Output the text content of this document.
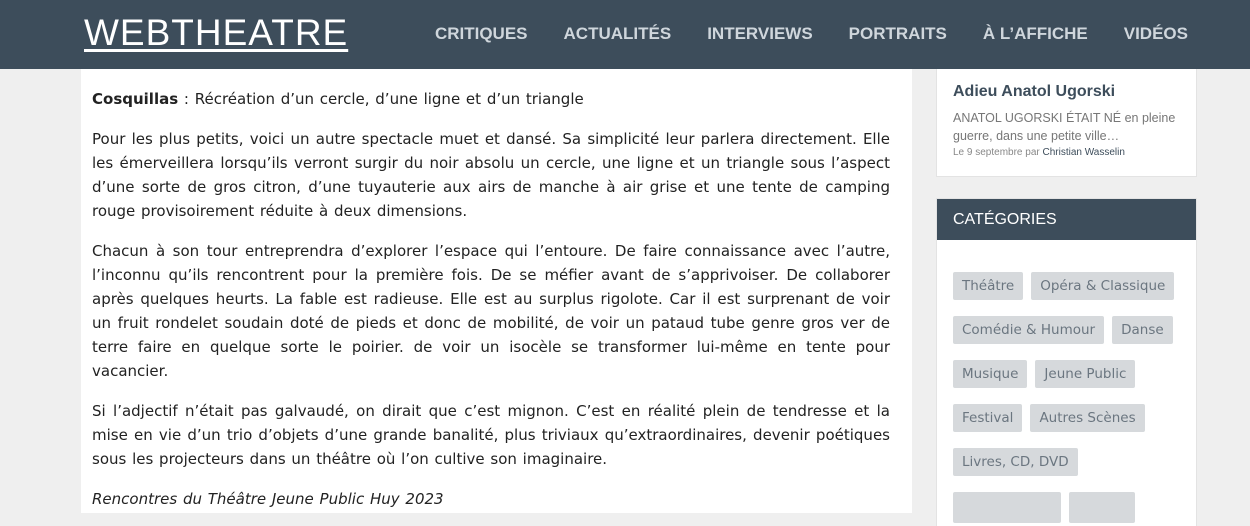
WEBTHEATRE	CRITIQUES ACTUALITÉS INTERVIEWS PORTRAITS À L’AFFICHE VIDÉOS

Cosquillas : Récréation d’un cercle, d’une ligne et d’un triangle

Pour les plus petits, voici un autre spectacle muet et dansé. Sa simplicité leur parlera directement. Elle les émerveillera lorsqu’ils verront surgir du noir absolu un cercle, une ligne et un triangle sous l’aspect d’une sorte de gros citron, d’une tuyauterie aux airs de manche à air grise et une tente de camping rouge provisoirement réduite à deux dimensions.

Chacun à son tour entreprendra d’explorer l’espace qui l’entoure. De faire connaissance avec l’autre, l’inconnu qu’ils rencontrent pour la première fois. De se méfier avant de s’apprivoiser. De collaborer après quelques heurts. La fable est radieuse. Elle est au surplus rigolote. Car il est surprenant de voir un fruit rondelet soudain doté de pieds et donc de mobilité, de voir un pataud tube genre gros ver de terre faire en quelque sorte le poirier. de voir un isocèle se transformer lui-même en tente pour vacancier.

Si l’adjectif n’était pas galvaudé, on dirait que c’est mignon. C’est en réalité plein de tendresse et la mise en vie d’un trio d’objets d’une grande banalité, plus triviaux qu’extraordinaires, devenir poétiques sous les projecteurs dans un théâtre où l’on cultive son imaginaire.

Rencontres du Théâtre Jeune Public Huy 2023

Adieu Anatol Ugorski
ANATOL UGORSKI ÉTAIT NÉ en pleine guerre, dans une petite ville…
Le 9 septembre par Christian Wasselin
CATÉGORIES
Théâtre	Opéra & Classique
Comédie & Humour	Danse
Musique	Jeune Public
Festival	Autres Scènes
Livres, CD, DVD
